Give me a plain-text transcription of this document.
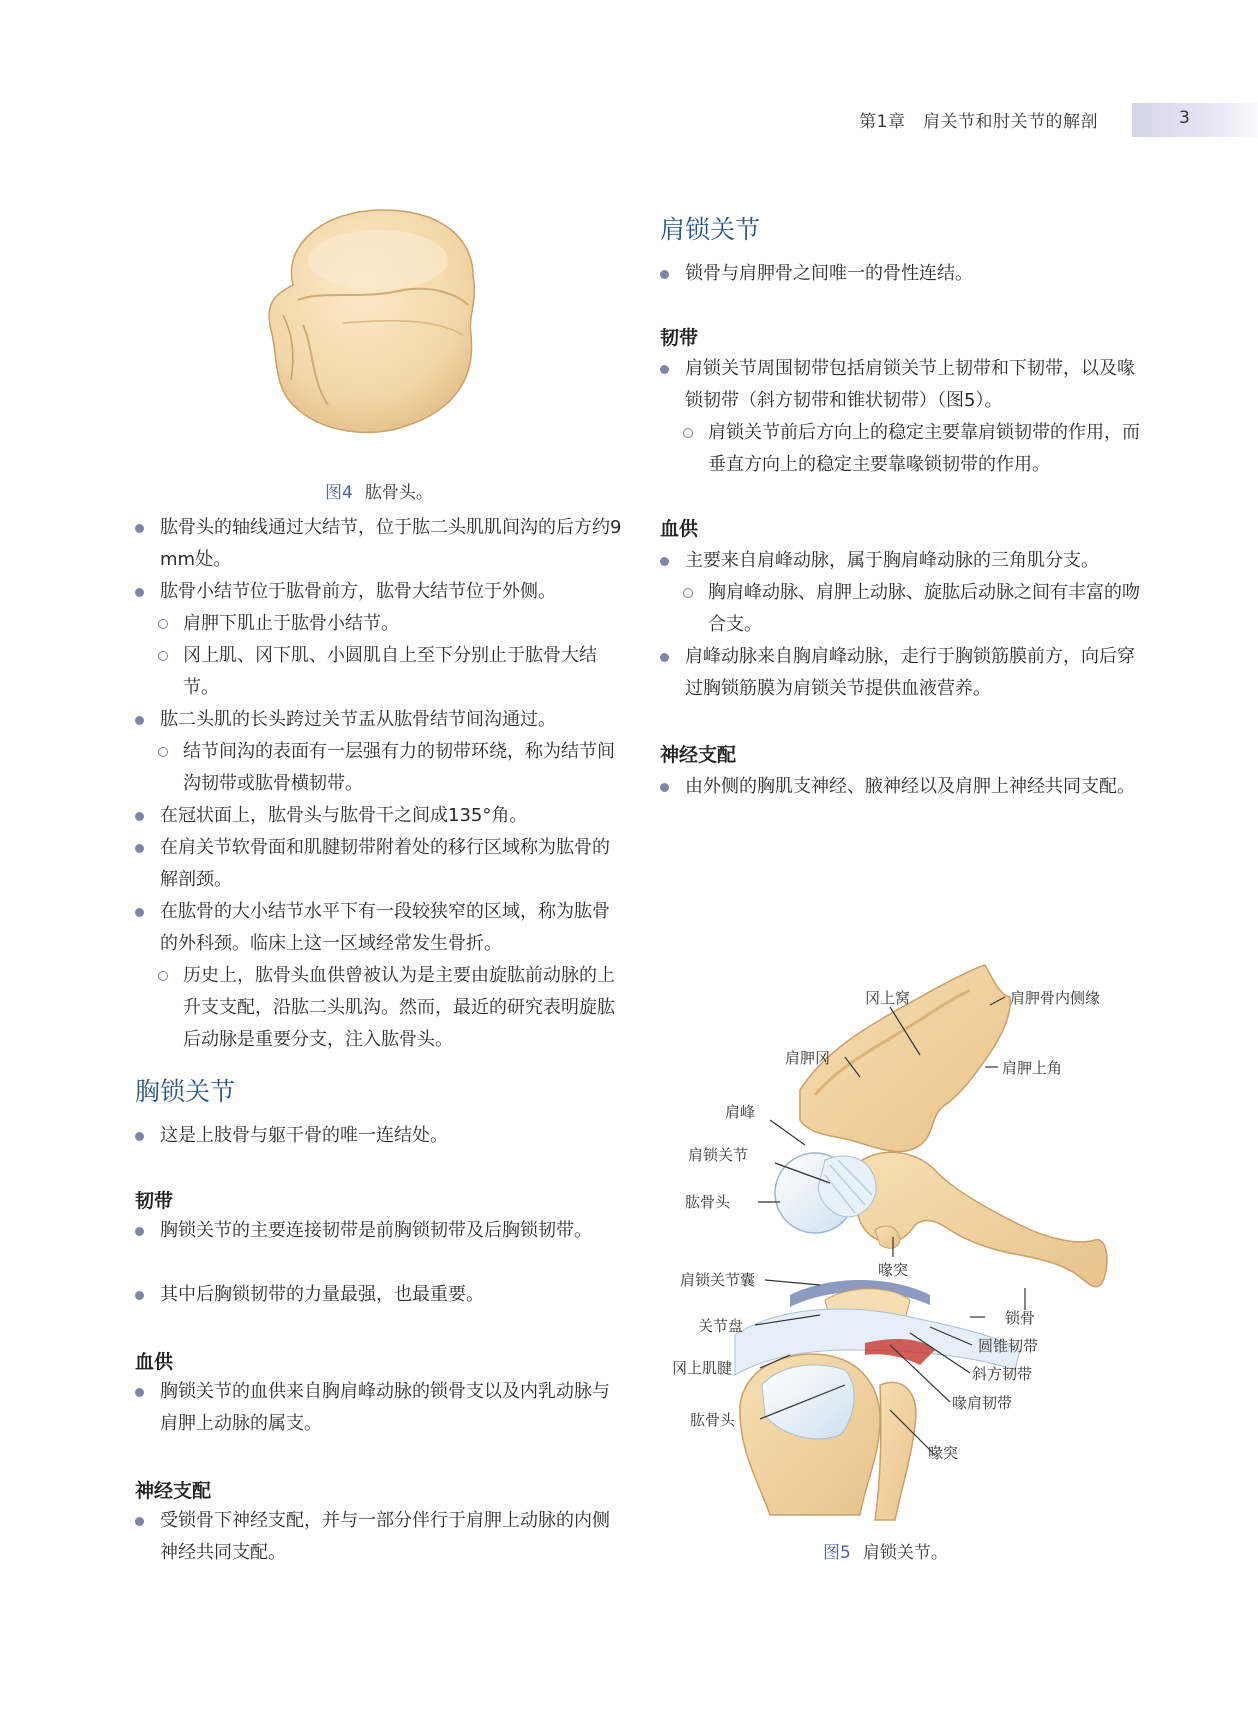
第1章　肩关节和肘关节的解剖	3
图4 肱骨头。
肱骨头的轴线通过大结节，位于肱二头肌肌间沟的后方约9 mm处。
肱骨小结节位于肱骨前方，肱骨大结节位于外侧。
肩胛下肌止于肱骨小结节。
冈上肌、冈下肌、小圆肌自上至下分别止于肱骨大结节。
肱二头肌的长头跨过关节盂从肱骨结节间沟通过。
结节间沟的表面有一层强有力的韧带环绕，称为结节间沟韧带或肱骨横韧带。
在冠状面上，肱骨头与肱骨干之间成135°角。
在肩关节软骨面和肌腱韧带附着处的移行区域称为肱骨的解剖颈。
在肱骨的大小结节水平下有一段较狭窄的区域，称为肱骨的外科颈。临床上这一区域经常发生骨折。
历史上，肱骨头血供曾被认为是主要由旋肱前动脉的上升支支配，沿肱二头肌沟。然而，最近的研究表明旋肱后动脉是重要分支，注入肱骨头。
胸锁关节
这是上肢骨与躯干骨的唯一连结处。
韧带
胸锁关节的主要连接韧带是前胸锁韧带及后胸锁韧带。
其中后胸锁韧带的力量最强，也最重要。
血供
胸锁关节的血供来自胸肩峰动脉的锁骨支以及内乳动脉与肩胛上动脉的属支。
神经支配
受锁骨下神经支配，并与一部分伴行于肩胛上动脉的内侧神经共同支配。
肩锁关节
锁骨与肩胛骨之间唯一的骨性连结。
韧带
肩锁关节周围韧带包括肩锁关节上韧带和下韧带，以及喙锁韧带（斜方韧带和锥状韧带）（图5）。
肩锁关节前后方向上的稳定主要靠肩锁韧带的作用，而垂直方向上的稳定主要靠喙锁韧带的作用。
血供
主要来自肩峰动脉，属于胸肩峰动脉的三角肌分支。
胸肩峰动脉、肩胛上动脉、旋肱后动脉之间有丰富的吻合支。
肩峰动脉来自胸肩峰动脉，走行于胸锁筋膜前方，向后穿过胸锁筋膜为肩锁关节提供血液营养。
神经支配
由外侧的胸肌支神经、腋神经以及肩胛上神经共同支配。
冈上窝	肩胛骨内侧缘
肩胛冈
肩胛上角
肩峰
肩锁关节
肱骨头
喙突
肩锁关节囊
锁骨
关节盘
圆锥韧带
冈上肌腱	斜方韧带
喙肩韧带
肱骨头
喙突
图5 肩锁关节。
